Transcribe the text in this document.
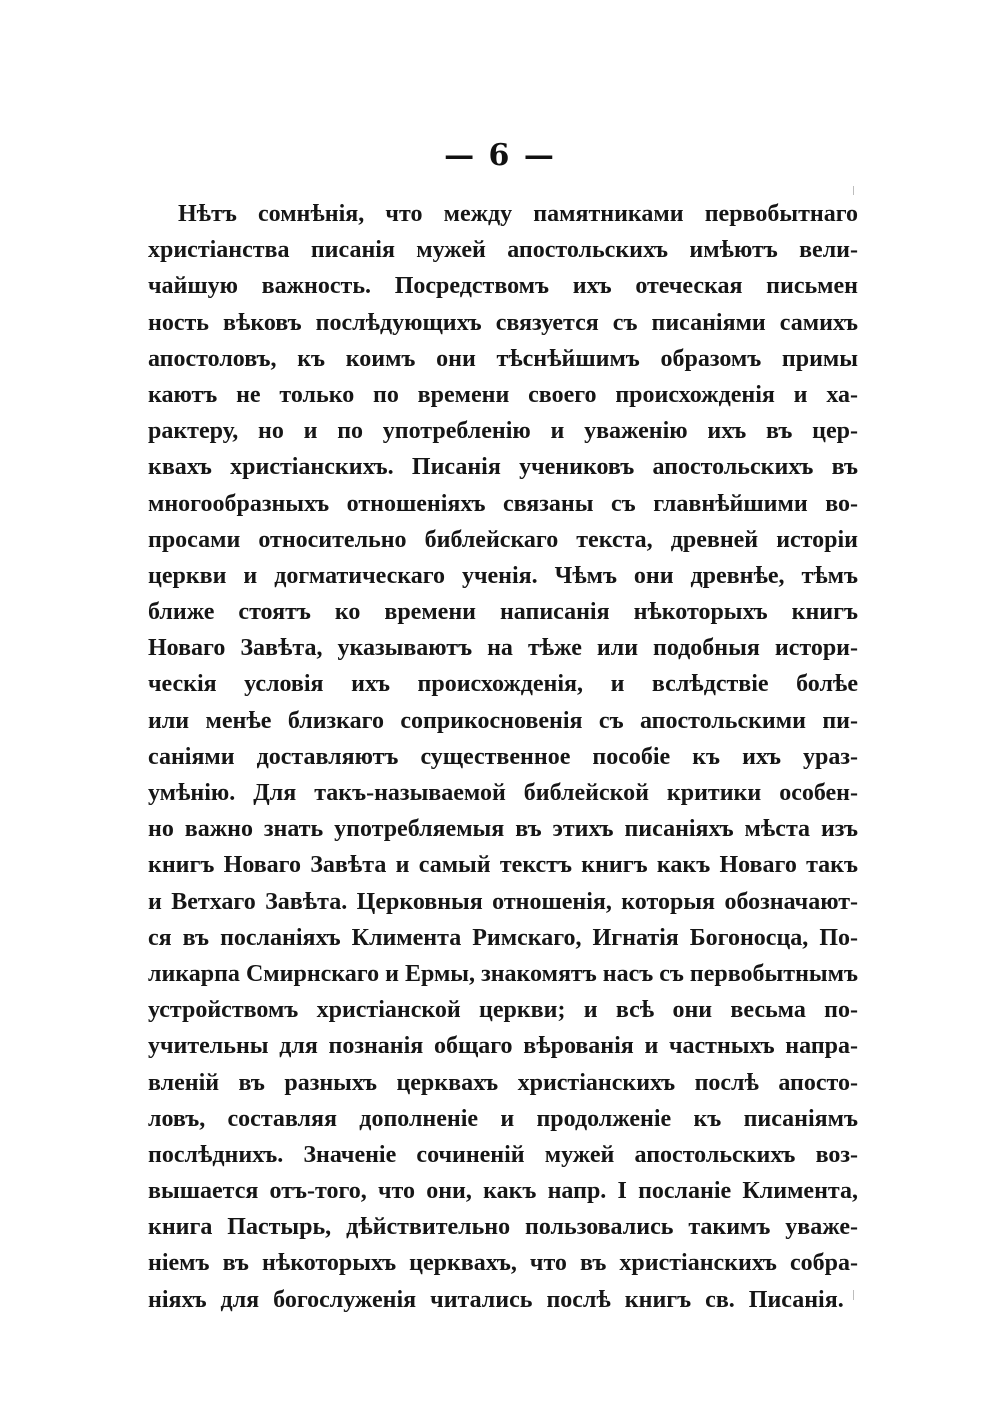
— 6 —
Нѣтъ сомнѣнія, что между памятниками первобытнаго
христіанства писанія мужей апостольскихъ имѣютъ вели-
чайшую важность. Посредствомъ ихъ отеческая письмен
ность вѣковъ послѣдующихъ связуется съ писаніями самихъ
апостоловъ, къ коимъ они тѣснѣйшимъ образомъ примы
каютъ не только по времени своего происхожденія и ха-
рактеру, но и по употребленію и уваженію ихъ въ цер-
квахъ христіанскихъ. Писанія учениковъ апостольскихъ въ
многообразныхъ отношеніяхъ связаны съ главнѣйшими во-
просами относительно библейскаго текста, древней исторіи
церкви и догматическаго ученія. Чѣмъ они древнѣе, тѣмъ
ближе стоятъ ко времени написанія нѣкоторыхъ книгъ
Новаго Завѣта, указываютъ на тѣже или подобныя истори-
ческія условія ихъ происхожденія, и вслѣдствіе болѣе
или менѣе близкаго соприкосновенія съ апостольскими пи-
саніями доставляютъ существенное пособіе къ ихъ ураз-
умѣнію. Для такъ-называемой библейской критики особен-
но важно знать употребляемыя въ этихъ писаніяхъ мѣста изъ
книгъ Новаго Завѣта и самый текстъ книгъ какъ Новаго такъ
и Ветхаго Завѣта. Церковныя отношенія, которыя обозначают-
ся въ посланіяхъ Климента Римскаго, Игнатія Богоносца, По-
ликарпа Смирнскаго и Ермы, знакомятъ насъ съ первобытнымъ
устройствомъ христіанской церкви; и всѣ они весьма по-
учительны для познанія общаго вѣрованія и частныхъ напра-
вленій въ разныхъ церквахъ христіанскихъ послѣ апосто-
ловъ, составляя дополненіе и продолженіе къ писаніямъ
послѣднихъ. Значеніе сочиненій мужей апостольскихъ воз-
вышается отъ-того, что они, какъ напр. I посланіе Климента,
книга Пастырь, дѣйствительно пользовались такимъ уваже-
ніемъ въ нѣкоторыхъ церквахъ, что въ христіанскихъ собра-
ніяхъ для богослуженія читались послѣ книгъ св. Писанія.
